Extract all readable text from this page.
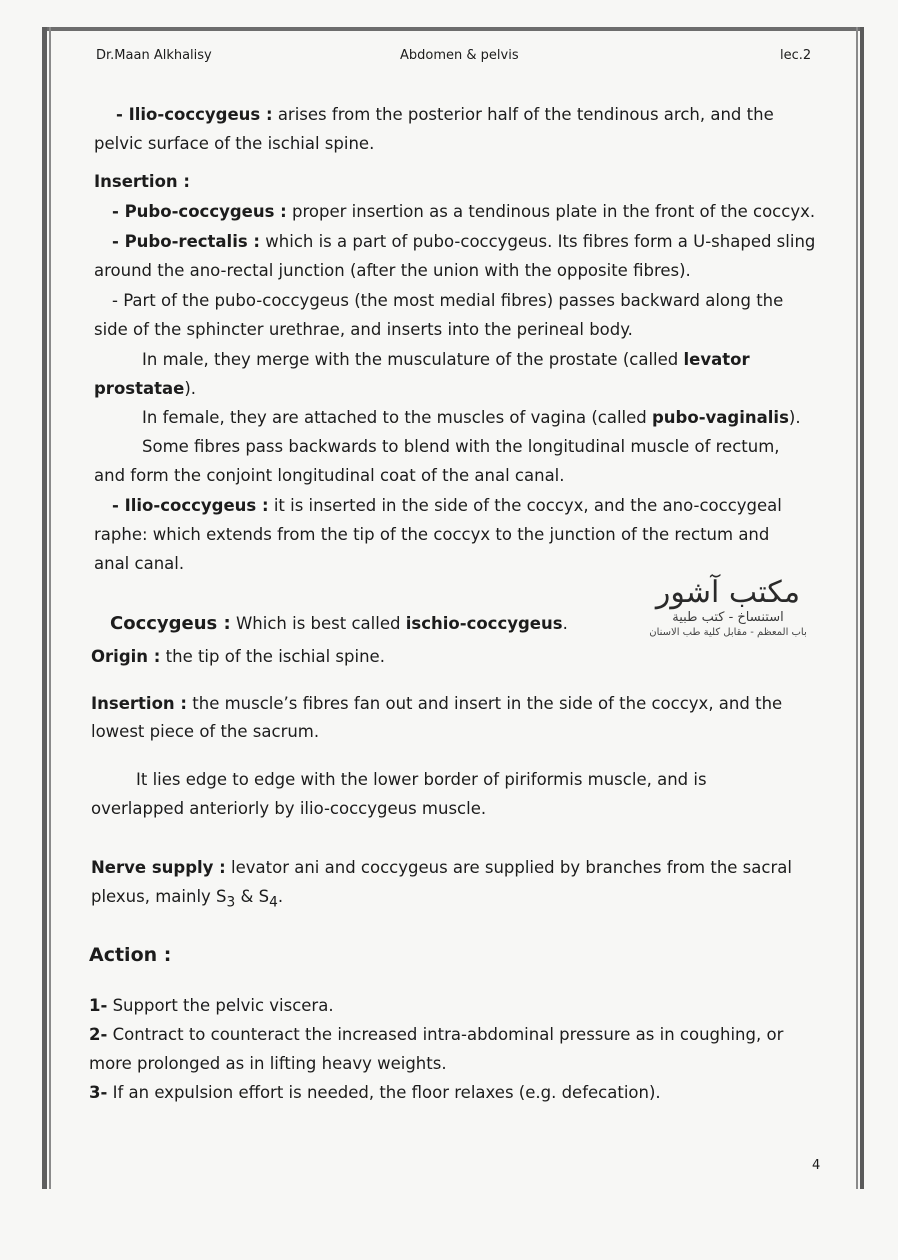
Dr.Maan Alkhalisy	Abdomen & pelvis	lec.2
- Ilio-coccygeus : arises from the posterior half of the tendinous arch, and the
pelvic surface of the ischial spine.
Insertion :
- Pubo-coccygeus : proper insertion as a tendinous plate in the front of the coccyx.
- Pubo-rectalis : which is a part of pubo-coccygeus. Its fibres form a U-shaped sling
around the ano-rectal junction (after the union with the opposite fibres).
- Part of the pubo-coccygeus (the most medial fibres) passes backward along the
side of the sphincter urethrae, and inserts into the perineal body.
In male, they merge with the musculature of the prostate (called levator
prostatae).
In female, they are attached to the muscles of vagina (called pubo-vaginalis).
Some fibres pass backwards to blend with the longitudinal muscle of rectum,
and form the conjoint longitudinal coat of the anal canal.
- Ilio-coccygeus : it is inserted in the side of the coccyx, and the ano-coccygeal
raphe: which extends from the tip of the coccyx to the junction of the rectum and
anal canal.
مكتب آشور
استنساخ - كتب طبية
باب المعظم - مقابل كلية طب الاسنان
Coccygeus : Which is best called ischio-coccygeus.
Origin : the tip of the ischial spine.
Insertion : the muscle’s fibres fan out and insert in the side of the coccyx, and the
lowest piece of the sacrum.
It lies edge to edge with the lower border of piriformis muscle, and is
overlapped anteriorly by ilio-coccygeus muscle.
Nerve supply : levator ani and coccygeus are supplied by branches from the sacral
plexus, mainly $S_3$ & $S_4$.
Action :
1- Support the pelvic viscera.
2- Contract to counteract the increased intra-abdominal pressure as in coughing, or
more prolonged as in lifting heavy weights.
3- If an expulsion effort is needed, the floor relaxes (e.g. defecation).
4
